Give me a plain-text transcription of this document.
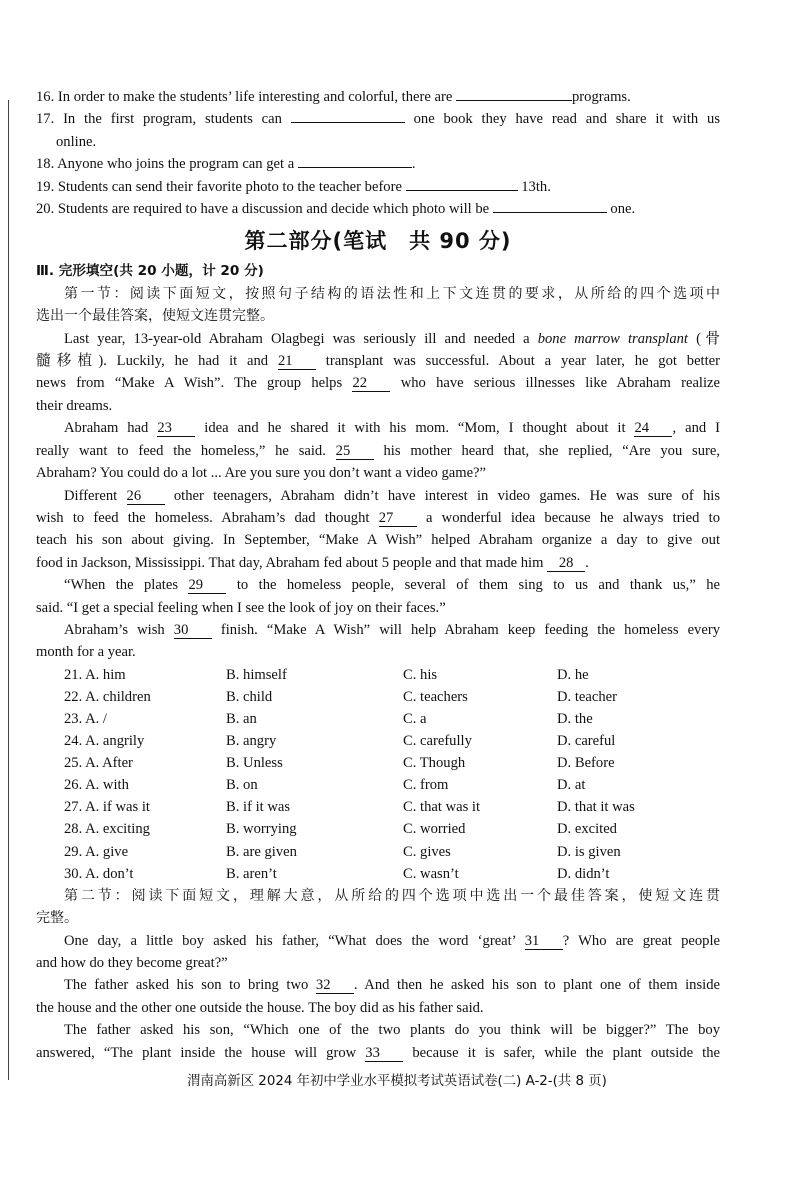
16. In order to make the students’ life interesting and colorful, there are	programs.
17. In the first program, students can	one book they have read and share it with us
online.
18. Anyone who joins the program can get a	.
19. Students can send their favorite photo to the teacher before	13th.
20. Students are required to have a discussion and decide which photo will be	one.
第二部分(笔试　共 90 分)
Ⅲ. 完形填空(共 20 小题，计 20 分)
第一节：阅读下面短文，按照句子结构的语法性和上下文连贯的要求，从所给的四个选项中
选出一个最佳答案，使短文连贯完整。
Last year, 13-year-old Abraham Olagbegi was seriously ill and needed a bone marrow transplant (骨
髓移植). Luckily, he had it and 21 transplant was successful. About a year later, he got better
news from “Make A Wish”. The group helps 22 who have serious illnesses like Abraham realize
their dreams.
Abraham had 23 idea and he shared it with his mom. “Mom, I thought about it 24 , and I
really want to feed the homeless,” he said. 25 his mother heard that, she replied, “Are you sure,
Abraham? You could do a lot ... Are you sure you don’t want a video game?”
Different 26 other teenagers, Abraham didn’t have interest in video games. He was sure of his
wish to feed the homeless. Abraham’s dad thought 27 a wonderful idea because he always tried to
teach his son about giving. In September, “Make A Wish” helped Abraham organize a day to give out
food in Jackson, Mississippi. That day, Abraham fed about 5 people and that made him 28 .
“When the plates 29 to the homeless people, several of them sing to us and thank us,” he
said. “I get a special feeling when I see the look of joy on their faces.”
Abraham’s wish 30 finish. “Make A Wish” will help Abraham keep feeding the homeless every
month for a year.
21. A. him	B. himself	C. his	D. he
22. A. children	B. child	C. teachers	D. teacher
23. A. /	B. an	C. a	D. the
24. A. angrily	B. angry	C. carefully	D. careful
25. A. After	B. Unless	C. Though	D. Before
26. A. with	B. on	C. from	D. at
27. A. if was it	B. if it was	C. that was it	D. that it was
28. A. exciting	B. worrying	C. worried	D. excited
29. A. give	B. are given	C. gives	D. is given
30. A. don’t	B. aren’t	C. wasn’t	D. didn’t
第二节：阅读下面短文，理解大意，从所给的四个选项中选出一个最佳答案，使短文连贯
完整。
One day, a little boy asked his father, “What does the word ‘great’ 31 ? Who are great people
and how do they become great?”
The father asked his son to bring two 32 . And then he asked his son to plant one of them inside
the house and the other one outside the house. The boy did as his father said.
The father asked his son, “Which one of the two plants do you think will be bigger?” The boy
answered, “The plant inside the house will grow 33 because it is safer, while the plant outside the
渭南高新区 2024 年初中学业水平模拟考试英语试卷(二) A-2-(共 8 页)
